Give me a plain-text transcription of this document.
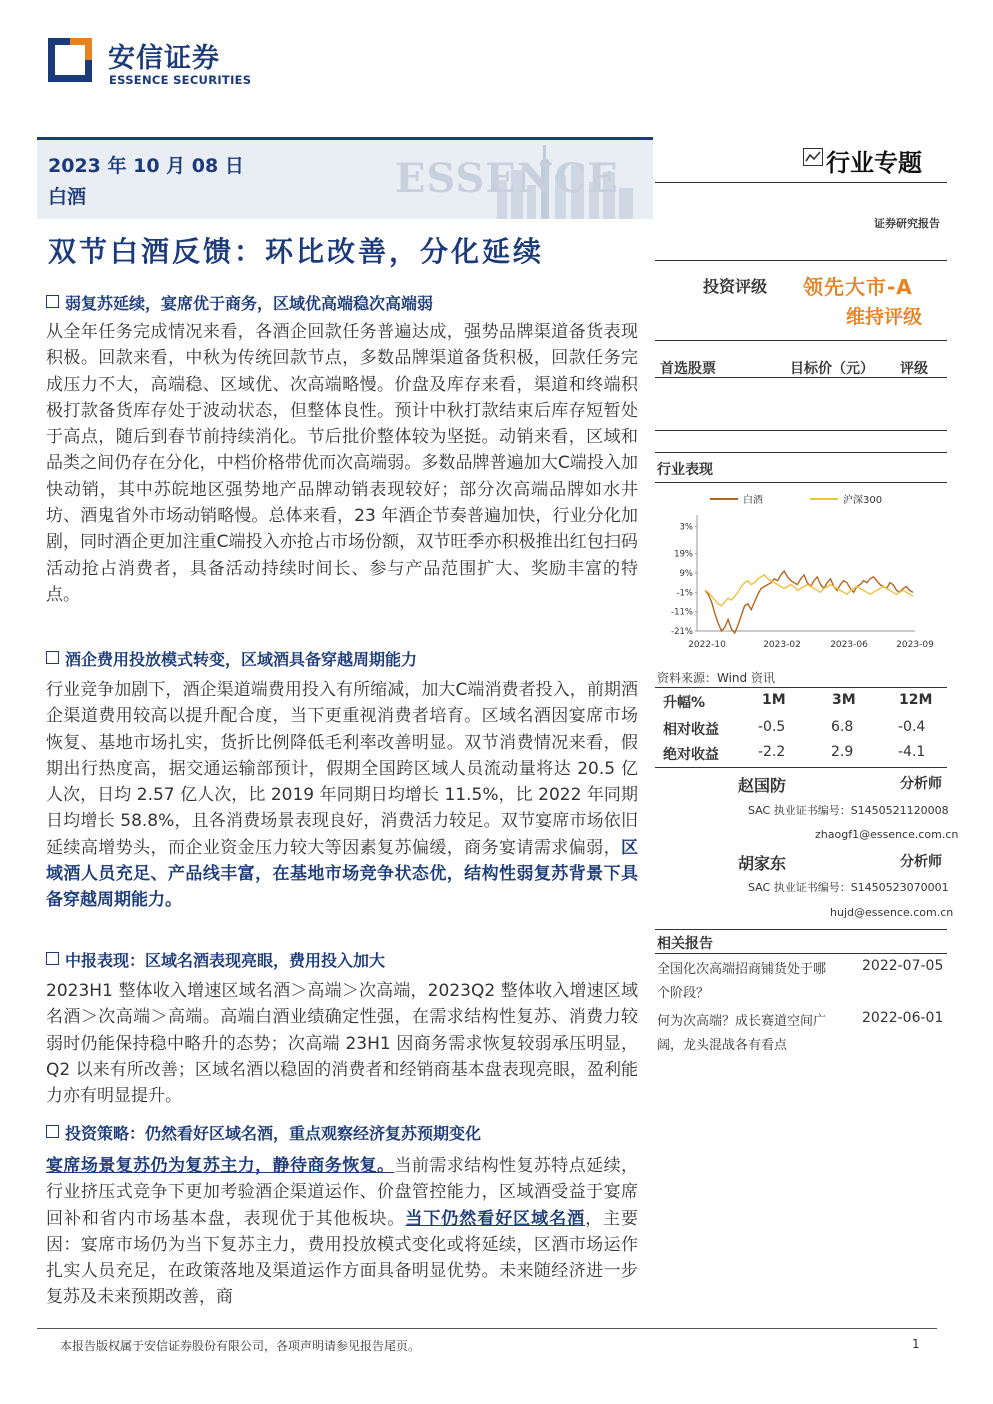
安信证券
ESSENCE SECURITIES
ESSENCE
2023 年 10 月 08 日
白酒
行业专题
证券研究报告
双节白酒反馈：环比改善，分化延续
弱复苏延续，宴席优于商务，区域优高端稳次高端弱
从全年任务完成情况来看，各酒企回款任务普遍达成，强势品牌渠道备货表现积极。回款来看，中秋为传统回款节点，多数品牌渠道备货积极，回款任务完成压力不大，高端稳、区域优、次高端略慢。价盘及库存来看，渠道和终端积极打款备货库存处于波动状态，但整体良性。预计中秋打款结束后库存短暂处于高点，随后到春节前持续消化。节后批价整体较为坚挺。动销来看，区域和品类之间仍存在分化，中档价格带优而次高端弱。多数品牌普遍加大C端投入加快动销，其中苏皖地区强势地产品牌动销表现较好；部分次高端品牌如水井坊、酒鬼省外市场动销略慢。总体来看，23 年酒企节奏普遍加快，行业分化加剧，同时酒企更加注重C端投入亦抢占市场份额，双节旺季亦积极推出红包扫码活动抢占消费者，具备活动持续时间长、参与产品范围扩大、奖励丰富的特点。
酒企费用投放模式转变，区域酒具备穿越周期能力
行业竞争加剧下，酒企渠道端费用投入有所缩减，加大C端消费者投入，前期酒企渠道费用较高以提升配合度，当下更重视消费者培育。区域名酒因宴席市场恢复、基地市场扎实，货折比例降低毛利率改善明显。双节消费情况来看，假期出行热度高，据交通运输部预计，假期全国跨区域人员流动量将达 20.5 亿人次，日均 2.57 亿人次，比 2019 年同期日均增长 11.5%，比 2022 年同期日均增长 58.8%，且各消费场景表现良好，消费活力较足。双节宴席市场依旧延续高增势头，而企业资金压力较大等因素复苏偏缓，商务宴请需求偏弱，区域酒人员充足、产品线丰富，在基地市场竞争状态优，结构性弱复苏背景下具备穿越周期能力。
中报表现：区域名酒表现亮眼，费用投入加大
2023H1 整体收入增速区域名酒＞高端＞次高端，2023Q2 整体收入增速区域名酒＞次高端＞高端。高端白酒业绩确定性强，在需求结构性复苏、消费力较弱时仍能保持稳中略升的态势；次高端 23H1 因商务需求恢复较弱承压明显，Q2 以来有所改善；区域名酒以稳固的消费者和经销商基本盘表现亮眼，盈利能力亦有明显提升。
投资策略：仍然看好区域名酒，重点观察经济复苏预期变化
宴席场景复苏仍为复苏主力，静待商务恢复。当前需求结构性复苏特点延续，行业挤压式竞争下更加考验酒企渠道运作、价盘管控能力，区域酒受益于宴席回补和省内市场基本盘，表现优于其他板块。当下仍然看好区域名酒，主要因：宴席市场仍为当下复苏主力，费用投放模式变化或将延续，区酒市场运作扎实人员充足，在政策落地及渠道运作方面具备明显优势。未来随经济进一步复苏及未来预期改善，商
投资评级 领先大市-A
维持评级
首选股票	目标价（元） 评级
行业表现
3%
19%
9%
-1%
-11%
-21%
2022-10	2023-02	2023-06	2023-09
白酒	沪深300
资料来源：Wind 资讯
升幅%	1M	3M	12M
相对收益	-0.5	6.8	-0.4
绝对收益	-2.2	2.9	-4.1
赵国防	分析师
SAC 执业证书编号：S1450521120008
zhaogf1@essence.com.cn
胡家东	分析师
SAC 执业证书编号：S1450523070001
hujd@essence.com.cn
相关报告
全国化次高端招商铺货处于哪个阶段？
2022-07-05
何为次高端？成长赛道空间广阔，龙头混战各有看点
2022-06-01
本报告版权属于安信证券股份有限公司，各项声明请参见报告尾页。	1
